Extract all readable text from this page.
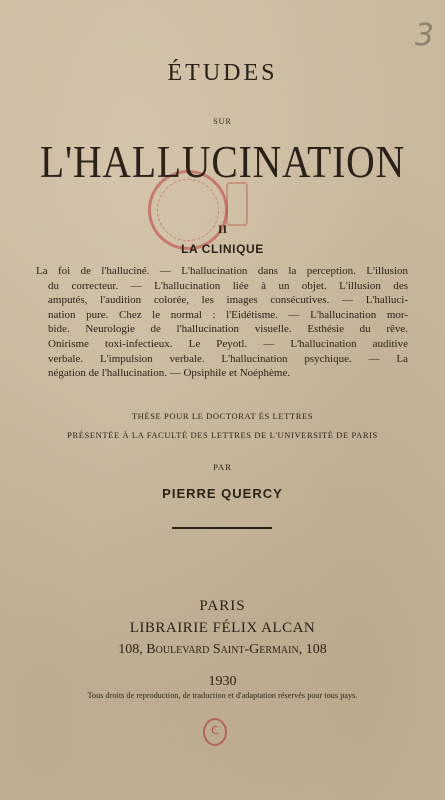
3
ÉTUDES
SUR
L'HALLUCINATION
II
LA CLINIQUE
La foi de l'halluciné. — L'hallucination dans la perception. L'illusion
du correcteur. — L'hallucination liée à un objet. L'illusion des
amputés, l'audition colorée, les images consécutives. — L'halluci-
nation pure. Chez le normal : l'Eidétisme. — L'hallucination mor-
bide. Neurologie de l'hallucination visuelle. Esthésie du rêve.
Onirisme toxi-infectieux. Le Peyotl. — L'hallucination auditive
verbale. L'impulsion verbale. L'hallucination psychique. — La
négation de l'hallucination. — Opsiphile et Noéphème.
THÈSE POUR LE DOCTORAT ÈS LETTRES
PRÉSENTÉE À LA FACULTÉ DES LETTRES DE L'UNIVERSITÉ DE PARIS
PAR
PIERRE QUERCY
PARIS
LIBRAIRIE FÉLIX ALCAN
108, Boulevard Saint-Germain, 108
1930
Tous droits de reproduction, de traduction et d'adaptation réservés pour tous pays.
C
